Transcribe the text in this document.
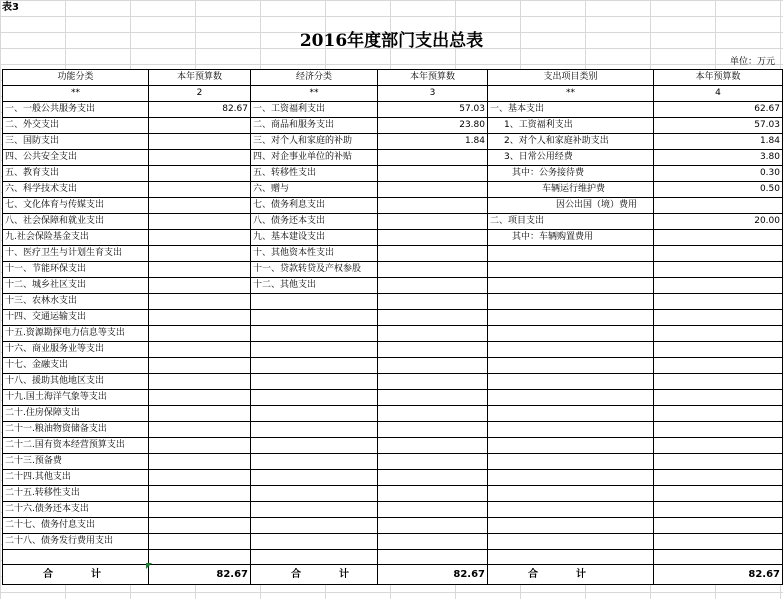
表3
2016年度部门支出总表
单位：万元
功能分类	本年预算数	经济分类	本年预算数	支出项目类别	本年预算数
**	2	**	3	**	4
一、一般公共服务支出	82.67	一、工资福利支出	57.03	一、基本支出	62.67
二、外交支出		二、商品和服务支出	23.80	1、工资福利支出	57.03
三、国防支出		三、对个人和家庭的补助	1.84	2、对个人和家庭补助支出	1.84
四、公共安全支出		四、对企事业单位的补贴		3、日常公用经费	3.80
五、教育支出		五、转移性支出		其中：公务接待费	0.30
六、科学技术支出		六、赠与		车辆运行维护费	0.50
七、文化体育与传媒支出		七、债务利息支出		因公出国（境）费用	
八、社会保障和就业支出		八、债务还本支出		二、项目支出	20.00
九.社会保险基金支出		九、基本建设支出		其中：车辆购置费用	
十、医疗卫生与计划生育支出		十、其他资本性支出			
十一、节能环保支出		十一、贷款转贷及产权参股			
十二、城乡社区支出		十二、其他支出			
十三、农林水支出					
十四、交通运输支出					
十五.资源勘探电力信息等支出					
十六、商业服务业等支出					
十七、金融支出					
十八、援助其他地区支出					
十九.国土海洋气象等支出					
二十.住房保障支出					
二十一.粮油物资储备支出					
二十二.国有资本经营预算支出					
二十三.预备费					
二十四.其他支出					
二十五.转移性支出					
二十六.债务还本支出					
二十七、债务付息支出					
二十八、债务发行费用支出					

合 计	82.67	合 计	82.67	合 计	82.67
